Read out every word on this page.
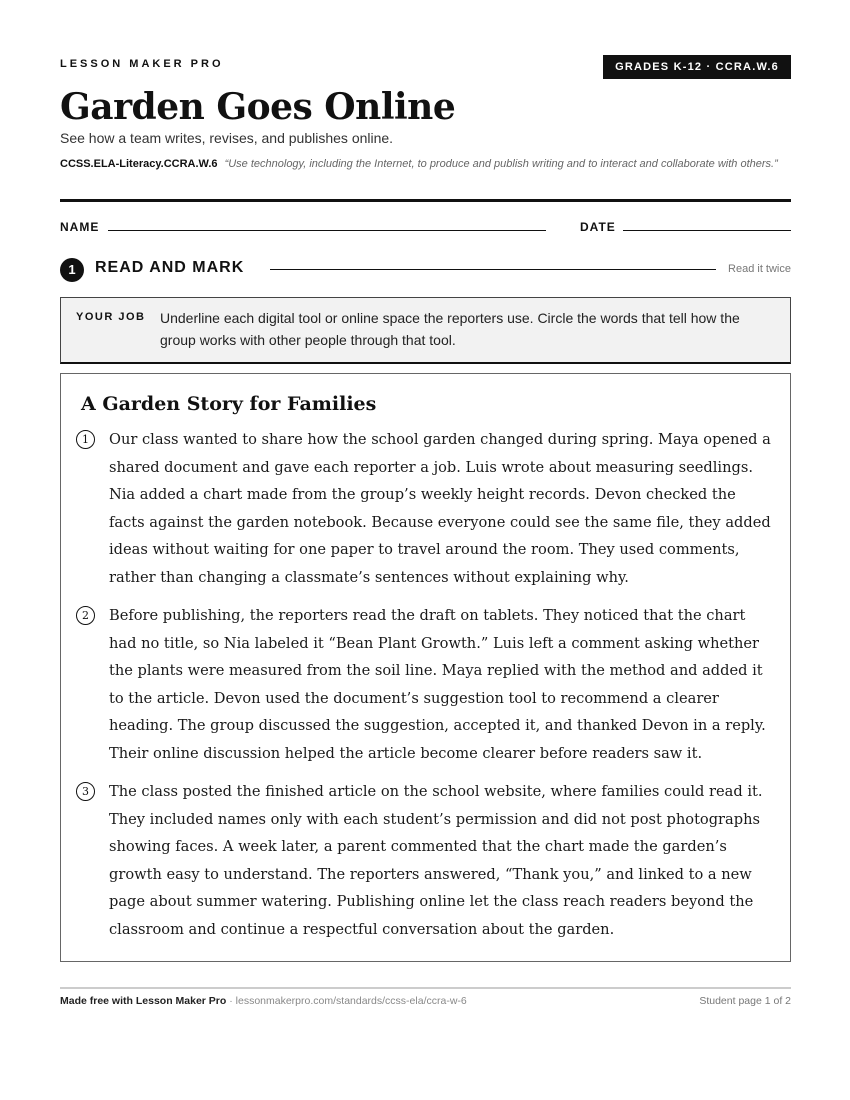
LESSON MAKER PRO	GRADES K-12 · CCRA.W.6
Garden Goes Online
See how a team writes, revises, and publishes online.
CCSS.ELA-Literacy.CCRA.W.6 “Use technology, including the Internet, to produce and publish writing and to interact and collaborate with others.”
NAME	DATE
1	READ AND MARK	Read it twice
YOUR JOB Underline each digital tool or online space the reporters use. Circle the words that tell how the group works with other people through that tool.
A Garden Story for Families
1	Our class wanted to share how the school garden changed during spring. Maya opened a shared document and gave each reporter a job. Luis wrote about measuring seedlings. Nia added a chart made from the group’s weekly height records. Devon checked the facts against the garden notebook. Because everyone could see the same file, they added ideas without waiting for one paper to travel around the room. They used comments, rather than changing a classmate’s sentences without explaining why.

2	Before publishing, the reporters read the draft on tablets. They noticed that the chart had no title, so Nia labeled it “Bean Plant Growth.” Luis left a comment asking whether the plants were measured from the soil line. Maya replied with the method and added it to the article. Devon used the document’s suggestion tool to recommend a clearer heading. The group discussed the suggestion, accepted it, and thanked Devon in a reply. Their online discussion helped the article become clearer before readers saw it.

3	The class posted the finished article on the school website, where families could read it. They included names only with each student’s permission and did not post photographs showing faces. A week later, a parent commented that the chart made the garden’s growth easy to understand. The reporters answered, “Thank you,” and linked to a new page about summer watering. Publishing online let the class reach readers beyond the classroom and continue a respectful conversation about the garden.

Made free with Lesson Maker Pro · lessonmakerpro.com/standards/ccss-ela/ccra-w-6	Student page 1 of 2
